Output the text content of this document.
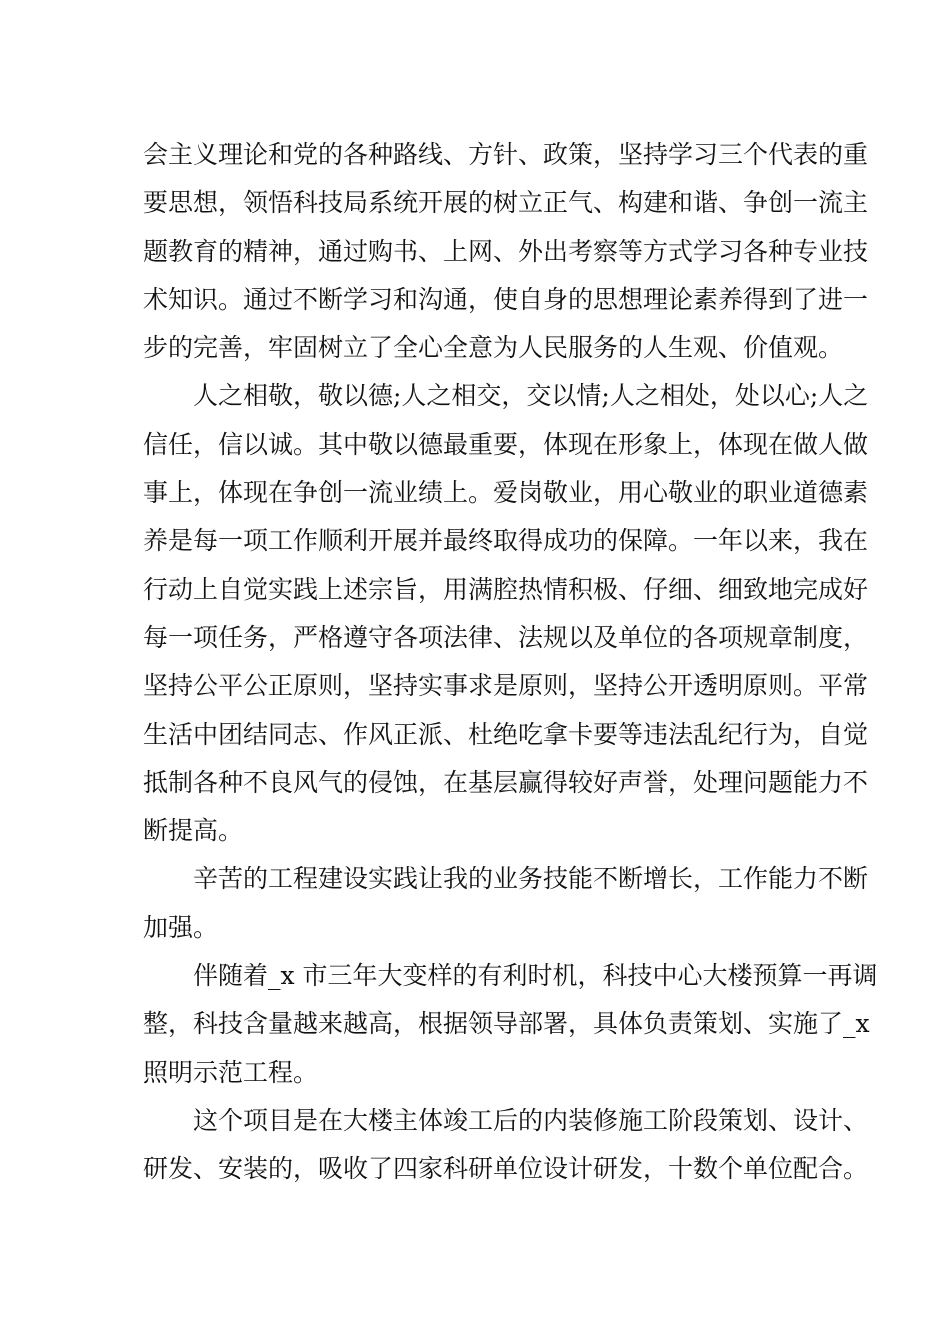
会主义理论和党的各种路线、方针、政策，坚持学习三个代表的重
要思想，领悟科技局系统开展的树立正气、构建和谐、争创一流主
题教育的精神，通过购书、上网、外出考察等方式学习各种专业技
术知识。通过不断学习和沟通，使自身的思想理论素养得到了进一
步的完善，牢固树立了全心全意为人民服务的人生观、价值观。
人之相敬，敬以德;人之相交，交以情;人之相处，处以心;人之
信任，信以诚。其中敬以德最重要，体现在形象上，体现在做人做
事上，体现在争创一流业绩上。爱岗敬业，用心敬业的职业道德素
养是每一项工作顺利开展并最终取得成功的保障。一年以来，我在
行动上自觉实践上述宗旨，用满腔热情积极、仔细、细致地完成好
每一项任务，严格遵守各项法律、法规以及单位的各项规章制度，
坚持公平公正原则，坚持实事求是原则，坚持公开透明原则。平常
生活中团结同志、作风正派、杜绝吃拿卡要等违法乱纪行为，自觉
抵制各种不良风气的侵蚀，在基层赢得较好声誉，处理问题能力不
断提高。
辛苦的工程建设实践让我的业务技能不断增长，工作能力不断
加强。
伴随着_x 市三年大变样的有利时机，科技中心大楼预算一再调
整，科技含量越来越高，根据领导部署，具体负责策划、实施了_x
照明示范工程。
这个项目是在大楼主体竣工后的内装修施工阶段策划、设计、
研发、安装的，吸收了四家科研单位设计研发，十数个单位配合。
